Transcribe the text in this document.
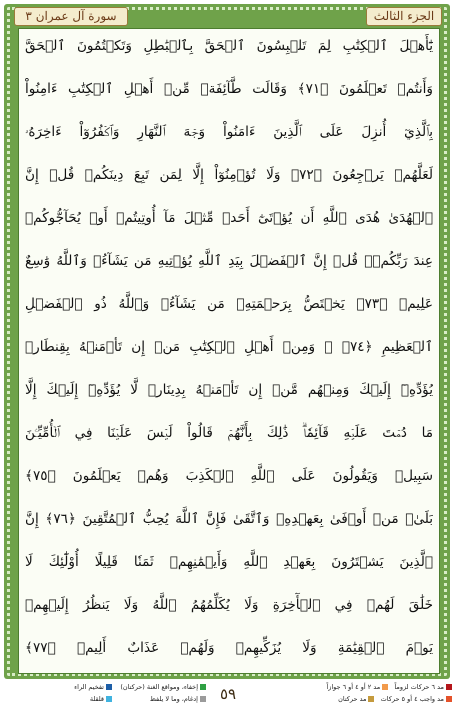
سورة آل عمران ٣	الجزء الثالث
يَٰٓأَهۡلَ ٱلۡكِتَٰبِ لِمَ تَلۡبِسُونَ ٱلۡحَقَّ بِٱلۡبَٰطِلِ وَتَكۡتُمُونَ ٱلۡحَقَّ
وَأَنتُمۡ تَعۡلَمُونَ ﴿٧١﴾ وَقَالَت طَّآئِفَةٞ مِّنۡ أَهۡلِ ٱلۡكِتَٰبِ ءَامِنُواْ
بِٱلَّذِيٓ أُنزِلَ عَلَى ٱلَّذِينَ ءَامَنُواْ وَجۡهَ ٱلنَّهَارِ وَٱكۡفُرُوٓاْ ءَاخِرَهُۥ
لَعَلَّهُمۡ يَرۡجِعُونَ ﴿٧٢﴾ وَلَا تُؤۡمِنُوٓاْ إِلَّا لِمَن تَبِعَ دِينَكُمۡ قُلۡ إِنَّ
ٱلۡهُدَىٰ هُدَى ٱللَّهِ أَن يُؤۡتَىٰٓ أَحَدٞ مِّثۡلَ مَآ أُوتِيتُمۡ أَوۡ يُحَآجُّوكُمۡ
عِندَ رَبِّكُمۡۗ قُلۡ إِنَّ ٱلۡفَضۡلَ بِيَدِ ٱللَّهِ يُؤۡتِيهِ مَن يَشَآءُۗ وَٱللَّهُ وَٰسِعٌ
عَلِيمٞ ﴿٧٣﴾ يَخۡتَصُّ بِرَحۡمَتِهِۦ مَن يَشَآءُۗ وَٱللَّهُ ذُو ٱلۡفَضۡلِ
ٱلۡعَظِيمِ ﴿٧٤﴾ ۞ وَمِنۡ أَهۡلِ ٱلۡكِتَٰبِ مَنۡ إِن تَأۡمَنۡهُ بِقِنطَارٖ
يُؤَدِّهِۦٓ إِلَيۡكَ وَمِنۡهُم مَّنۡ إِن تَأۡمَنۡهُ بِدِينَارٖ لَّا يُؤَدِّهِۦٓ إِلَيۡكَ إِلَّا
مَا دُمۡتَ عَلَيۡهِ قَآئِمٗاۗ ذَٰلِكَ بِأَنَّهُمۡ قَالُواْ لَيۡسَ عَلَيۡنَا فِي ٱلۡأُمِّيِّـۧنَ
سَبِيلٞ وَيَقُولُونَ عَلَى ٱللَّهِ ٱلۡكَذِبَ وَهُمۡ يَعۡلَمُونَ ﴿٧٥﴾
بَلَىٰۚ مَنۡ أَوۡفَىٰ بِعَهۡدِهِۦ وَٱتَّقَىٰ فَإِنَّ ٱللَّهَ يُحِبُّ ٱلۡمُتَّقِينَ ﴿٧٦﴾ إِنَّ
ٱلَّذِينَ يَشۡتَرُونَ بِعَهۡدِ ٱللَّهِ وَأَيۡمَٰنِهِمۡ ثَمَنٗا قَلِيلًا أُوْلَٰٓئِكَ لَا
خَلَٰقَ لَهُمۡ فِي ٱلۡأٓخِرَةِ وَلَا يُكَلِّمُهُمُ ٱللَّهُ وَلَا يَنظُرُ إِلَيۡهِمۡ
يَوۡمَ ٱلۡقِيَٰمَةِ وَلَا يُزَكِّيهِمۡ وَلَهُمۡ عَذَابٌ أَلِيمٞ ﴿٧٧﴾
مد ٦ حركات لزوماً   مد ٢ أو ٤ أو ٦ جوازاً
مد واجب ٤ أو ٥ حركات   مد حركتان
٥٩
إخفاء، ومواقع الغنة (حركتان)
إدغام، وما لا يلفظ
تفخيم الراء
قلقلة
